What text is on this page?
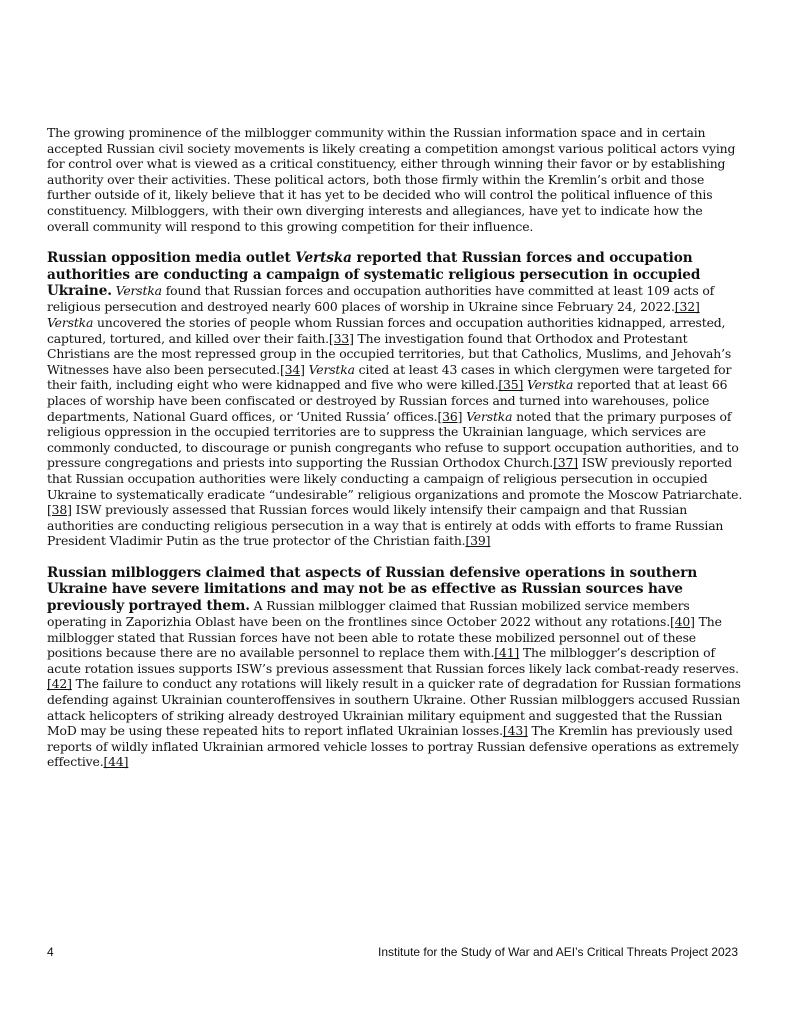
The growing prominence of the milblogger community within the Russian information space and in certain accepted Russian civil society movements is likely creating a competition amongst various political actors vying for control over what is viewed as a critical constituency, either through winning their favor or by establishing authority over their activities. These political actors, both those firmly within the Kremlin’s orbit and those further outside of it, likely believe that it has yet to be decided who will control the political influence of this constituency. Milbloggers, with their own diverging interests and allegiances, have yet to indicate how the overall community will respond to this growing competition for their influence.

Russian opposition media outlet Vertska reported that Russian forces and occupation authorities are conducting a campaign of systematic religious persecution in occupied Ukraine. Verstka found that Russian forces and occupation authorities have committed at least 109 acts of religious persecution and destroyed nearly 600 places of worship in Ukraine since February 24, 2022.[32] Verstka uncovered the stories of people whom Russian forces and occupation authorities kidnapped, arrested, captured, tortured, and killed over their faith.[33] The investigation found that Orthodox and Protestant Christians are the most repressed group in the occupied territories, but that Catholics, Muslims, and Jehovah’s Witnesses have also been persecuted.[34] Verstka cited at least 43 cases in which clergymen were targeted for their faith, including eight who were kidnapped and five who were killed.[35] Verstka reported that at least 66 places of worship have been confiscated or destroyed by Russian forces and turned into warehouses, police departments, National Guard offices, or ‘United Russia’ offices.[36] Verstka noted that the primary purposes of religious oppression in the occupied territories are to suppress the Ukrainian language, which services are commonly conducted, to discourage or punish congregants who refuse to support occupation authorities, and to pressure congregations and priests into supporting the Russian Orthodox Church.[37] ISW previously reported that Russian occupation authorities were likely conducting a campaign of religious persecution in occupied Ukraine to systematically eradicate “undesirable” religious organizations and promote the Moscow Patriarchate.[38] ISW previously assessed that Russian forces would likely intensify their campaign and that Russian authorities are conducting religious persecution in a way that is entirely at odds with efforts to frame Russian President Vladimir Putin as the true protector of the Christian faith.[39]

Russian milbloggers claimed that aspects of Russian defensive operations in southern Ukraine have severe limitations and may not be as effective as Russian sources have previously portrayed them. A Russian milblogger claimed that Russian mobilized service members operating in Zaporizhia Oblast have been on the frontlines since October 2022 without any rotations.[40] The milblogger stated that Russian forces have not been able to rotate these mobilized personnel out of these positions because there are no available personnel to replace them with.[41] The milblogger’s description of acute rotation issues supports ISW’s previous assessment that Russian forces likely lack combat-ready reserves.[42] The failure to conduct any rotations will likely result in a quicker rate of degradation for Russian formations defending against Ukrainian counteroffensives in southern Ukraine. Other Russian milbloggers accused Russian attack helicopters of striking already destroyed Ukrainian military equipment and suggested that the Russian MoD may be using these repeated hits to report inflated Ukrainian losses.[43] The Kremlin has previously used reports of wildly inflated Ukrainian armored vehicle losses to portray Russian defensive operations as extremely effective.[44]

4	Institute for the Study of War and AEI’s Critical Threats Project 2023
